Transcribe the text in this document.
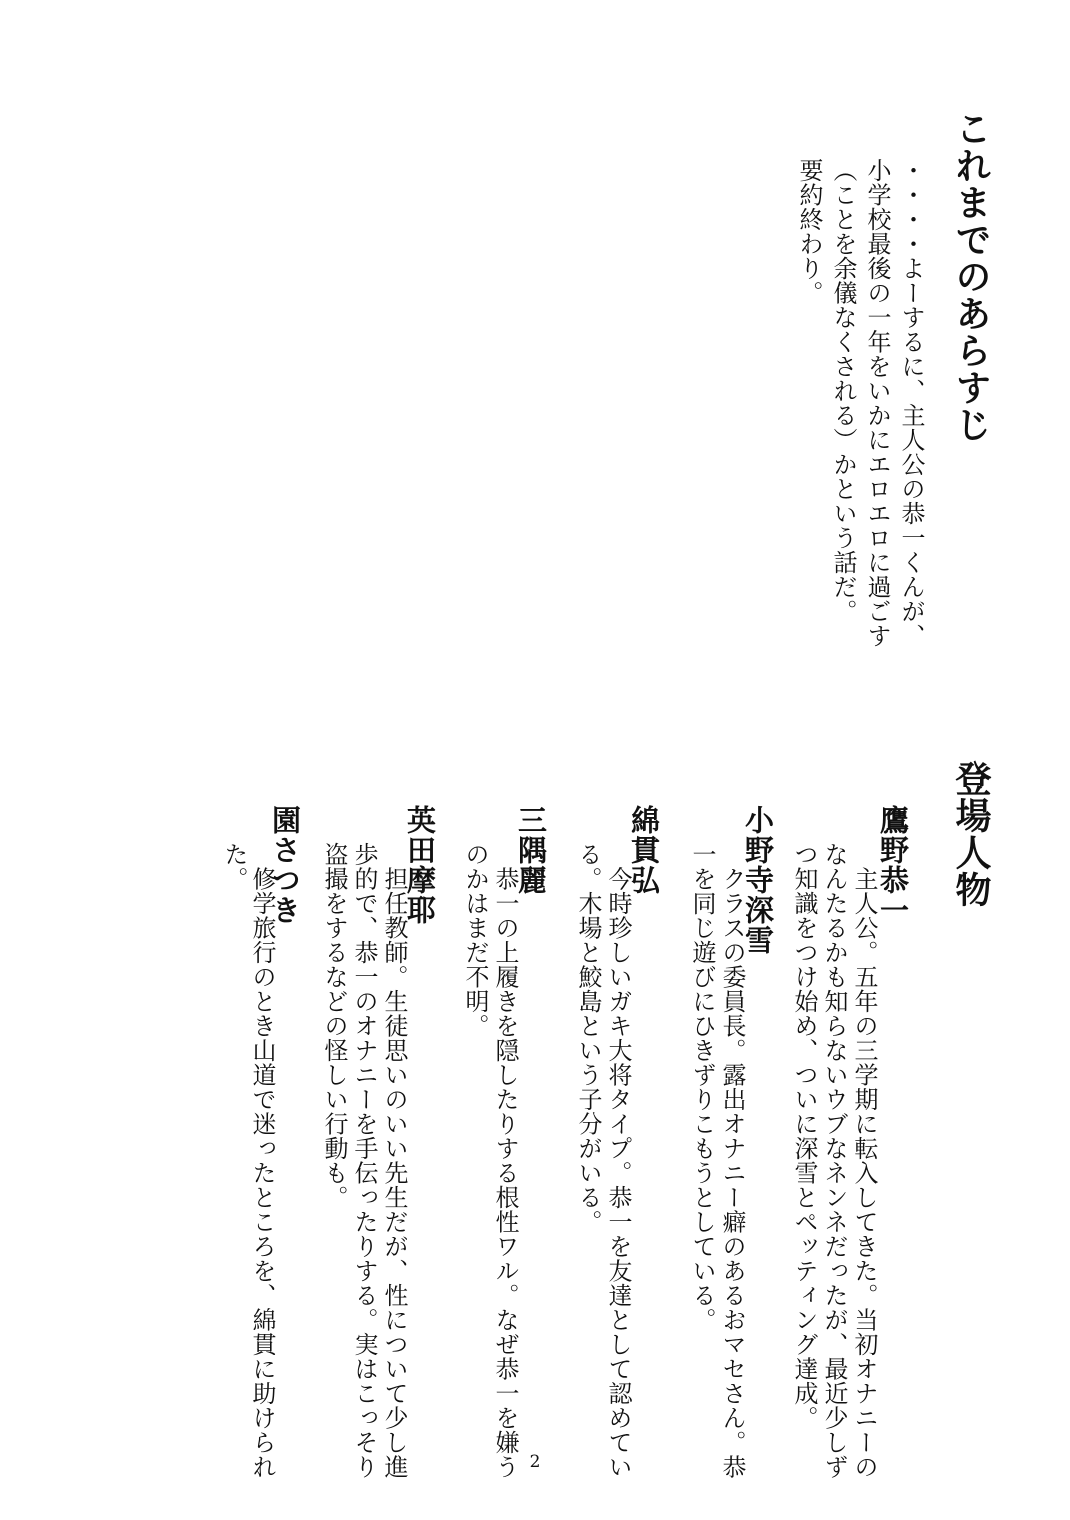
これまでのあらすじ
・・・・よーするに、主人公の恭一くんが、
小学校最後の一年をいかにエロエロに過ごす
（ことを余儀なくされる）かという話だ。
要約終わり。
登場人物
鷹野恭一
　主人公。五年の三学期に転入してきた。当初オナニーの
なんたるかも知らないウブなネンネだったが、最近少しず
つ知識をつけ始め、ついに深雪とペッティング達成。
小野寺深雪
　クラスの委員長。露出オナニー癖のあるおマセさん。恭
一を同じ遊びにひきずりこもうとしている。
綿貫弘
　今時珍しいガキ大将タイプ。恭一を友達として認めてい
る。木場と鮫島という子分がいる。
三隅麗
　恭一の上履きを隠したりする根性ワル。なぜ恭一を嫌う
のかはまだ不明。
英田摩耶
　担任教師。生徒思いのいい先生だが、性について少し進
歩的で、恭一のオナニーを手伝ったりする。実はこっそり
盗撮をするなどの怪しい行動も。
園さつき
　修学旅行のとき山道で迷ったところを、綿貫に助けられ
た。
2
